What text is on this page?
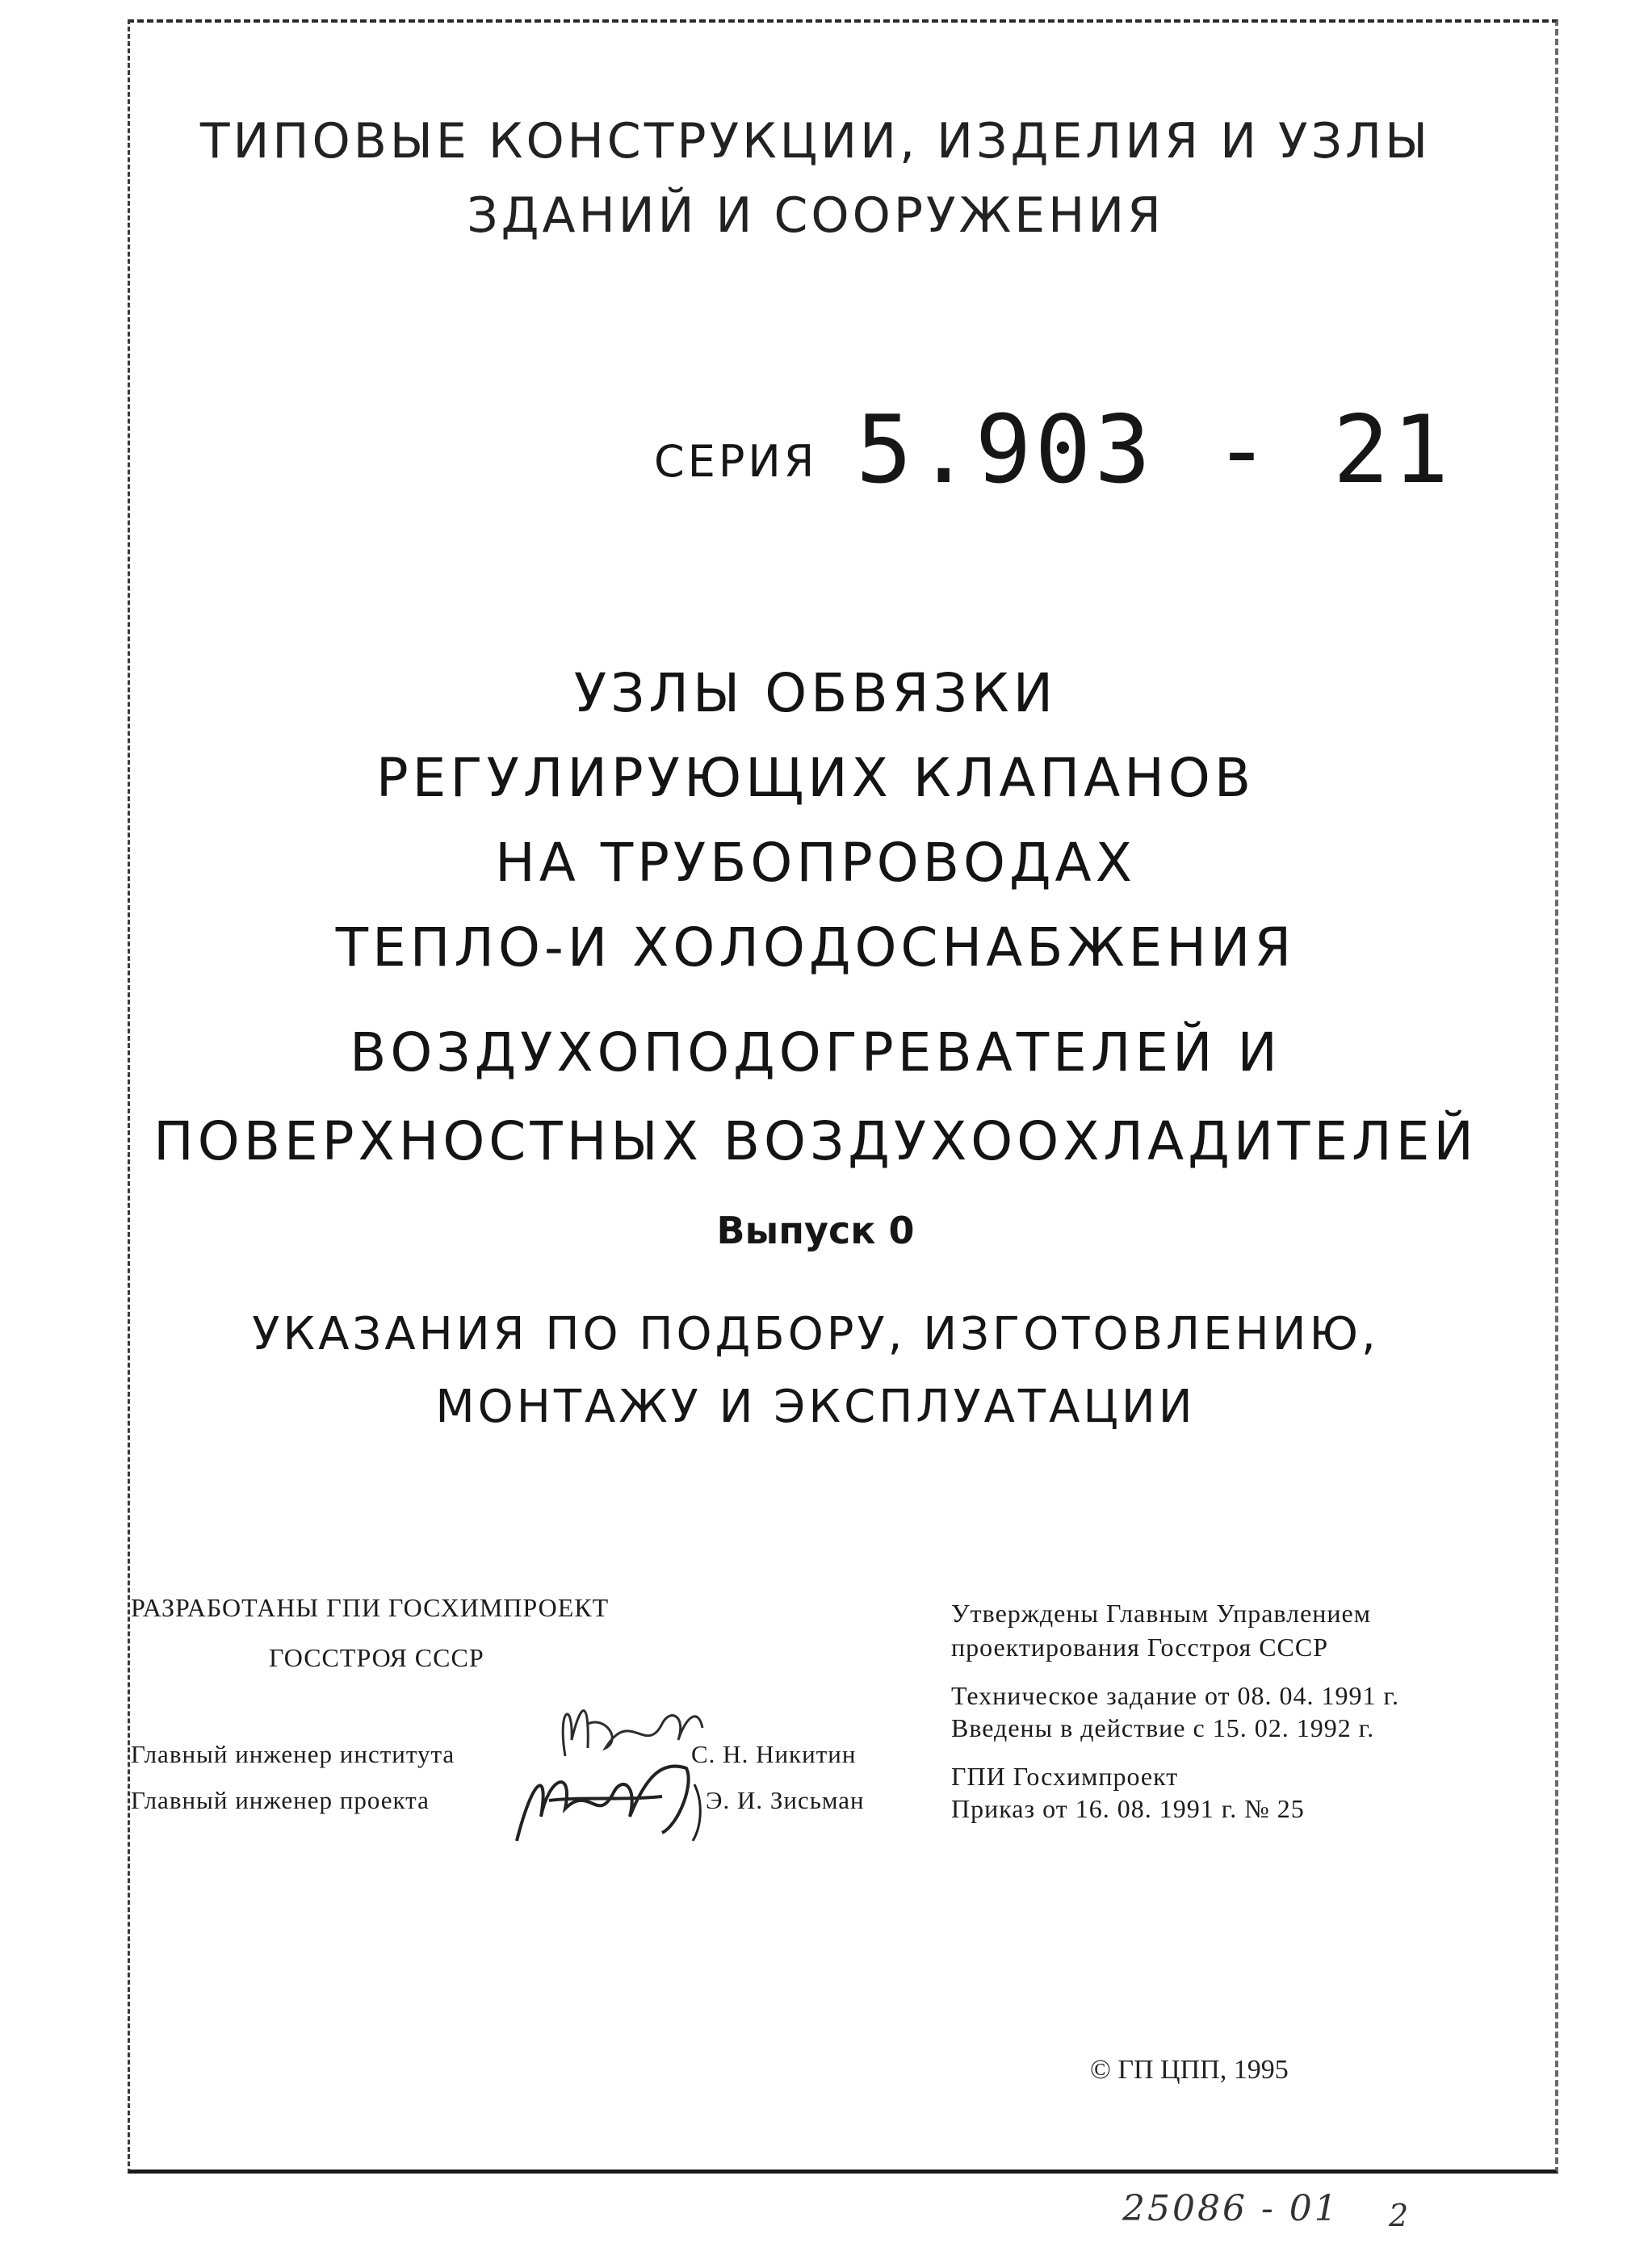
ТИПОВЫЕ КОНСТРУКЦИИ, ИЗДЕЛИЯ И УЗЛЫ
ЗДАНИЙ И СООРУЖЕНИЯ
СЕРИЯ 5.903 - 21
УЗЛЫ ОБВЯЗКИ
РЕГУЛИРУЮЩИХ КЛАПАНОВ
НА ТРУБОПРОВОДАХ
ТЕПЛО-И ХОЛОДОСНАБЖЕНИЯ
ВОЗДУХОПОДОГРЕВАТЕЛЕЙ И
ПОВЕРХНОСТНЫХ ВОЗДУХООХЛАДИТЕЛЕЙ
Выпуск 0
УКАЗАНИЯ ПО ПОДБОРУ, ИЗГОТОВЛЕНИЮ,
МОНТАЖУ И ЭКСПЛУАТАЦИИ
РАЗРАБОТАНЫ ГПИ ГОСХИМПРОЕКТ
ГОССТРОЯ СССР
Главный инженер института	С. Н. Никитин
Главный инженер проекта	Э. И. Зисьман
Утверждены Главным Управлением
проектирования Госстроя СССР
Техническое задание от 08. 04. 1991 г.
Введены в действие с 15. 02. 1992 г.
ГПИ Госхимпроект
Приказ от 16. 08. 1991 г. № 25
© ГП ЦПП, 1995
25086 - 01 2
